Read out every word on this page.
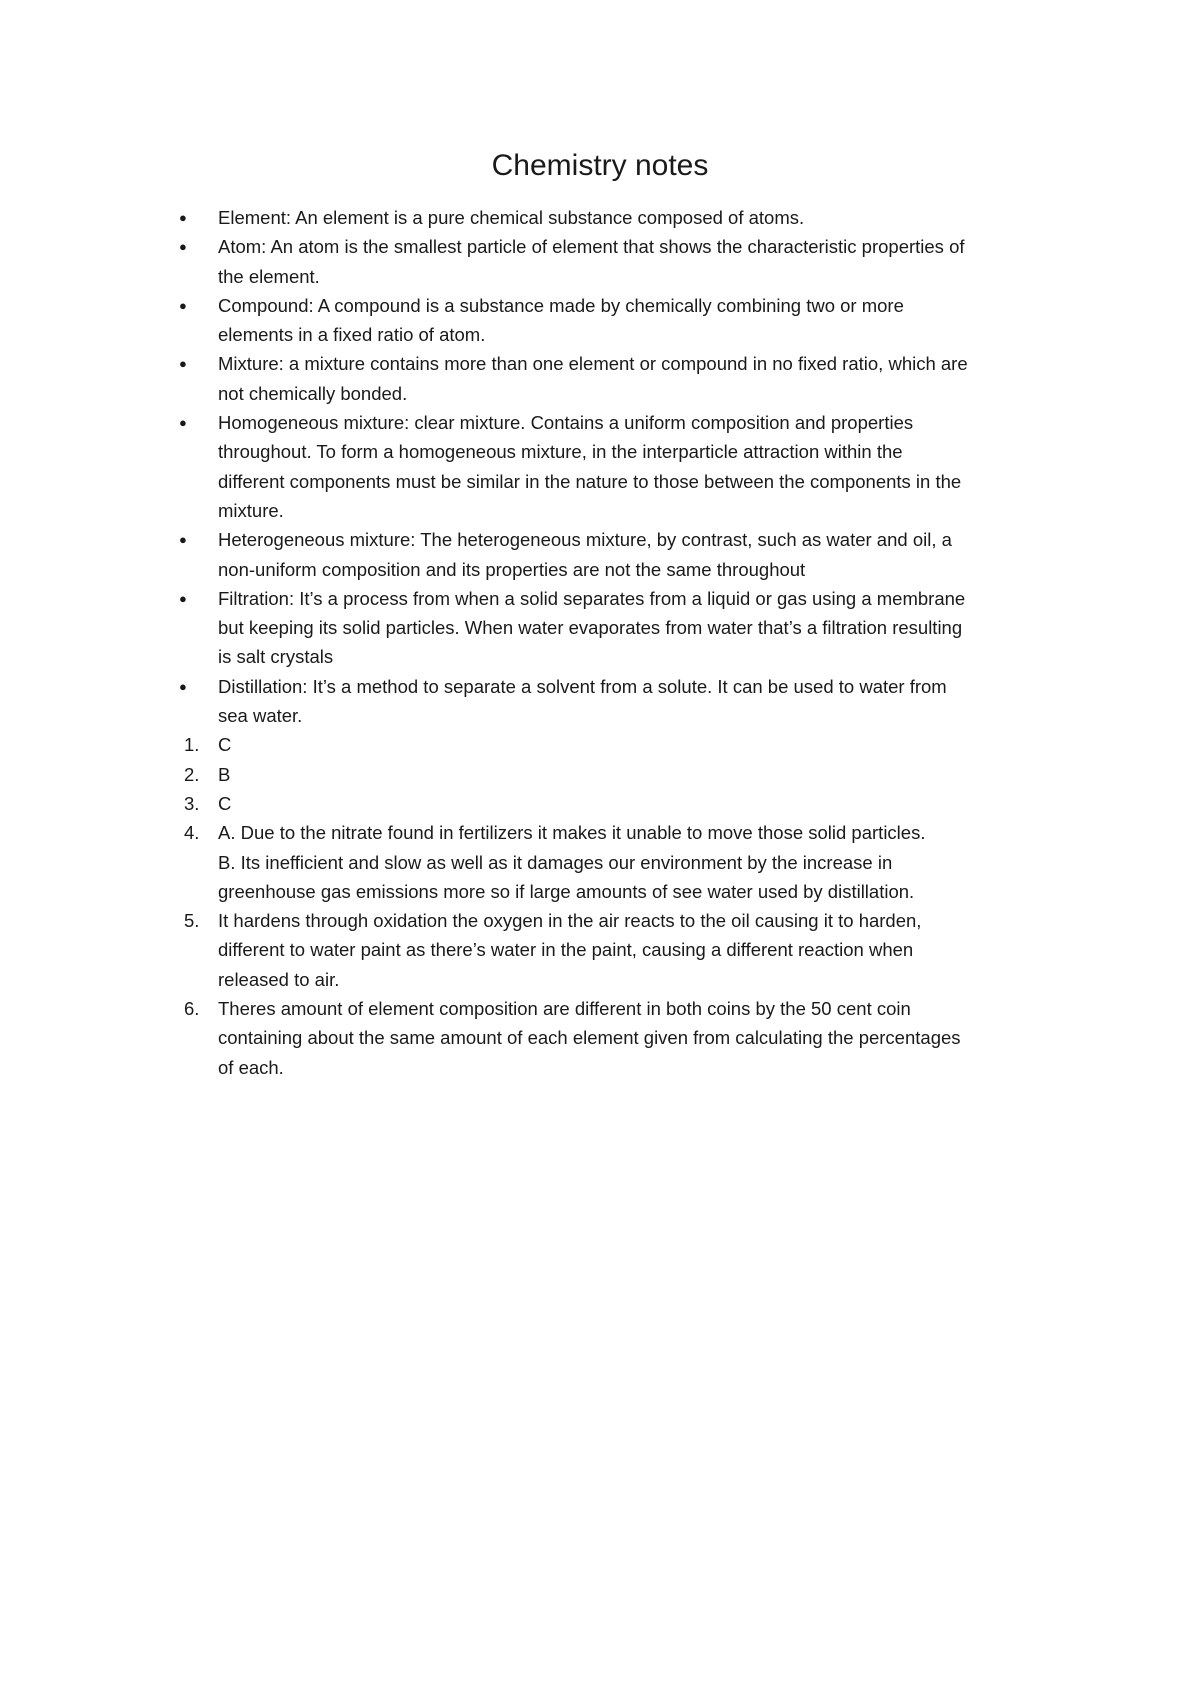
Chemistry notes
●	Element: An element is a pure chemical substance composed of atoms.
●	Atom: An atom is the smallest particle of element that shows the characteristic properties of
the element.
●	Compound: A compound is a substance made by chemically combining two or more
elements in a fixed ratio of atom.
●	Mixture: a mixture contains more than one element or compound in no fixed ratio, which are
not chemically bonded.
●	Homogeneous mixture: clear mixture. Contains a uniform composition and properties
throughout. To form a homogeneous mixture, in the interparticle attraction within the
different components must be similar in the nature to those between the components in the
mixture.
●	Heterogeneous mixture: The heterogeneous mixture, by contrast, such as water and oil, a
non-uniform composition and its properties are not the same throughout
●	Filtration: It’s a process from when a solid separates from a liquid or gas using a membrane
but keeping its solid particles. When water evaporates from water that’s a filtration resulting
is salt crystals
●	Distillation: It’s a method to separate a solvent from a solute. It can be used to water from
sea water.
1.	C
2.	B
3.	C
4.	A. Due to the nitrate found in fertilizers it makes it unable to move those solid particles.
B. Its inefficient and slow as well as it damages our environment by the increase in
greenhouse gas emissions more so if large amounts of see water used by distillation.
5.	It hardens through oxidation the oxygen in the air reacts to the oil causing it to harden,
different to water paint as there’s water in the paint, causing a different reaction when
released to air.
6.	Theres amount of element composition are different in both coins by the 50 cent coin
containing about the same amount of each element given from calculating the percentages
of each.
